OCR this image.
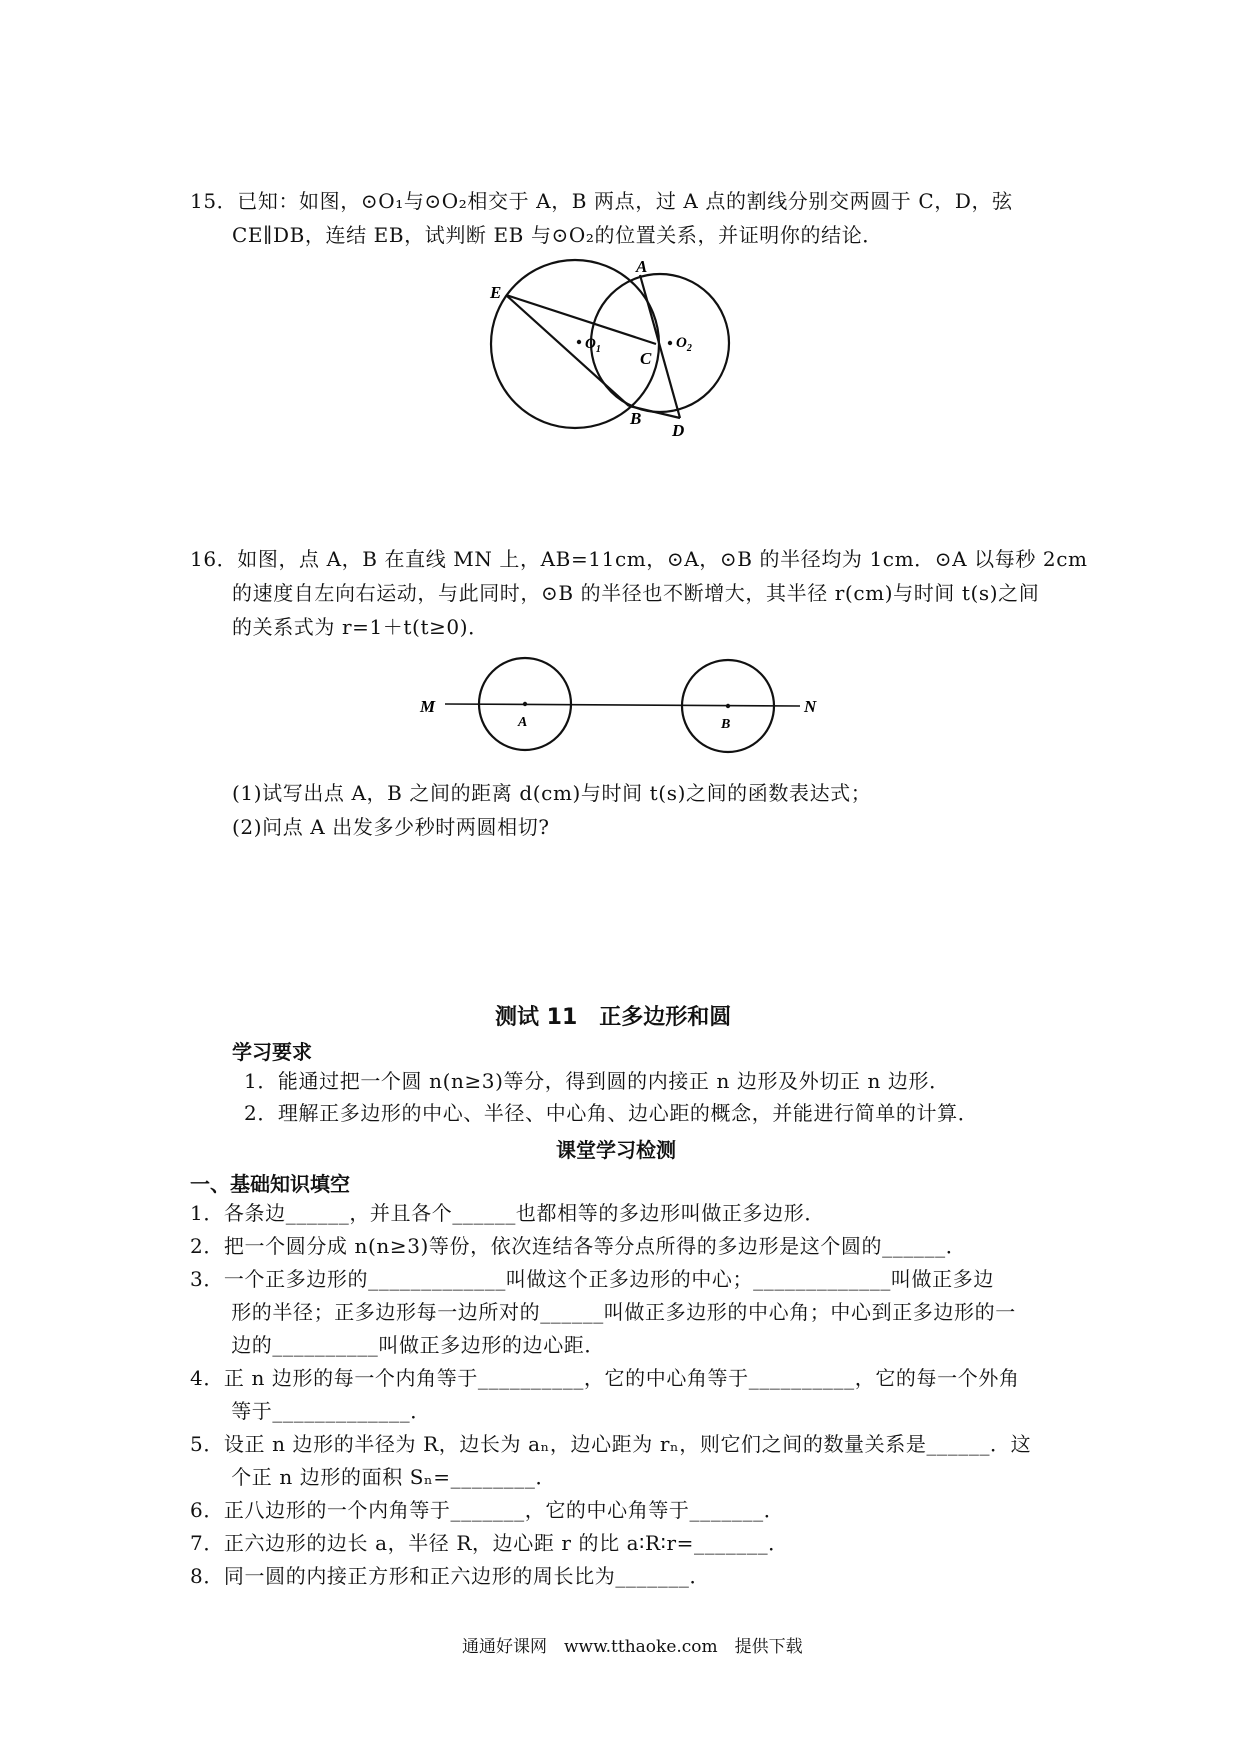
15．已知：如图，⊙O₁与⊙O₂相交于 A，B 两点，过 A 点的割线分别交两圆于 C，D，弦
CE∥DB，连结 EB，试判断 EB 与⊙O₂的位置关系，并证明你的结论．
A
E
$O_1$ C
$O_2$
B
D
16．如图，点 A，B 在直线 MN 上，AB=11cm，⊙A，⊙B 的半径均为 1cm．⊙A 以每秒 2cm
的速度自左向右运动，与此同时，⊙B 的半径也不断增大，其半径 r(cm)与时间 t(s)之间
的关系式为 r=1＋t(t≥0)．
M	N
A	B
(1)试写出点 A，B 之间的距离 d(cm)与时间 t(s)之间的函数表达式；
(2)问点 A 出发多少秒时两圆相切?
测试 11　正多边形和圆
学习要求
1．能通过把一个圆 n(n≥3)等分，得到圆的内接正 n 边形及外切正 n 边形．
2．理解正多边形的中心、半径、中心角、边心距的概念，并能进行简单的计算．
课堂学习检测
一、基础知识填空
1．各条边______，并且各个______也都相等的多边形叫做正多边形．
2．把一个圆分成 n(n≥3)等份，依次连结各等分点所得的多边形是这个圆的______．
3．一个正多边形的_____________叫做这个正多边形的中心；_____________叫做正多边
　　形的半径；正多边形每一边所对的______叫做正多边形的中心角；中心到正多边形的一
　　边的__________叫做正多边形的边心距．
4．正 n 边形的每一个内角等于__________，它的中心角等于__________，它的每一个外角
　　等于_____________．
5．设正 n 边形的半径为 R，边长为 aₙ，边心距为 rₙ，则它们之间的数量关系是______．这
　　个正 n 边形的面积 Sₙ=________．
6．正八边形的一个内角等于_______，它的中心角等于_______．
7．正六边形的边长 a，半径 R，边心距 r 的比 a∶R∶r=_______．
8．同一圆的内接正方形和正六边形的周长比为_______．
通通好课网　www.tthaoke.com　提供下载
